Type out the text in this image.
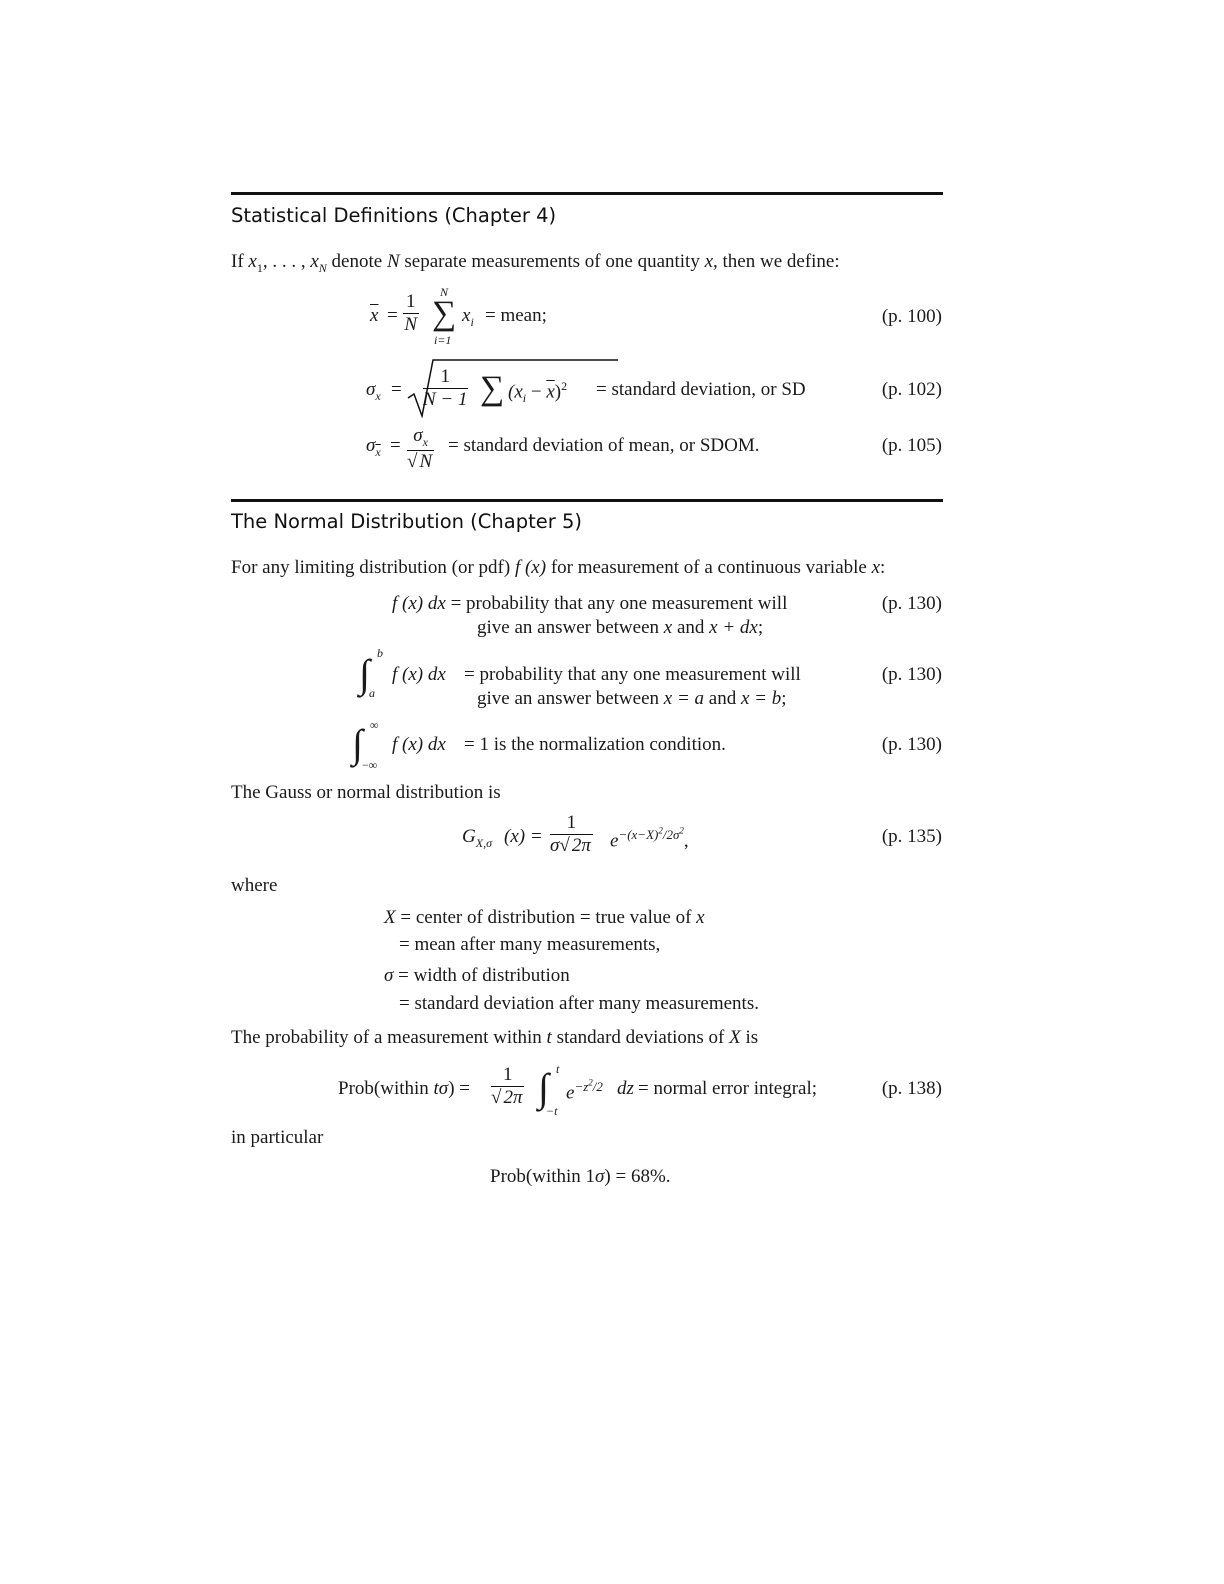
Statistical Definitions (Chapter 4)
If $x_1$, . . . , $x_N$ denote N separate measurements of one quantity x, then we define:
$\overline{x} = \frac{1}{N}$ N
∑
i=1
$x_i$ = mean;	(p. 100)
$\sigma_x = \frac{1}{N - 1}$ ∑ $(x_i - \overline{x})^2$ = standard deviation, or SD	(p. 102)
$\sigma_{\overline{x}} = \frac{\sigma_x}{√ N}$ = standard deviation of mean, or SDOM.	(p. 105)
The Normal Distribution (Chapter 5)
For any limiting distribution (or pdf) f (x) for measurement of a continuous variable x:
f (x) dx = probability that any one measurement will
give an answer between x and x + dx;
(p. 130)
∫ b
a
f (x) dx = probability that any one measurement will
give an answer between x = a and x = b;
(p. 130)
∫ ∞
−∞
f (x) dx = 1 is the normalization condition.	(p. 130)
The Gauss or normal distribution is
$G_{X,\sigma}$ $(x) = \frac{1}{\sigma√ 2\pi} e^{-(x-X)^2/2\sigma^2}$,	(p. 135)
where
X = center of distribution = true value of x
= mean after many measurements,
σ = width of distribution
= standard deviation after many measurements.
The probability of a measurement within t standard deviations of X is
Prob(within $t\sigma) = \frac{1}{√ 2\pi}$ ∫ t
−t
$e^{-z^2/2}$ dz = normal error integral;	(p. 138)
in particular
Prob(within 1σ) = 68%.
